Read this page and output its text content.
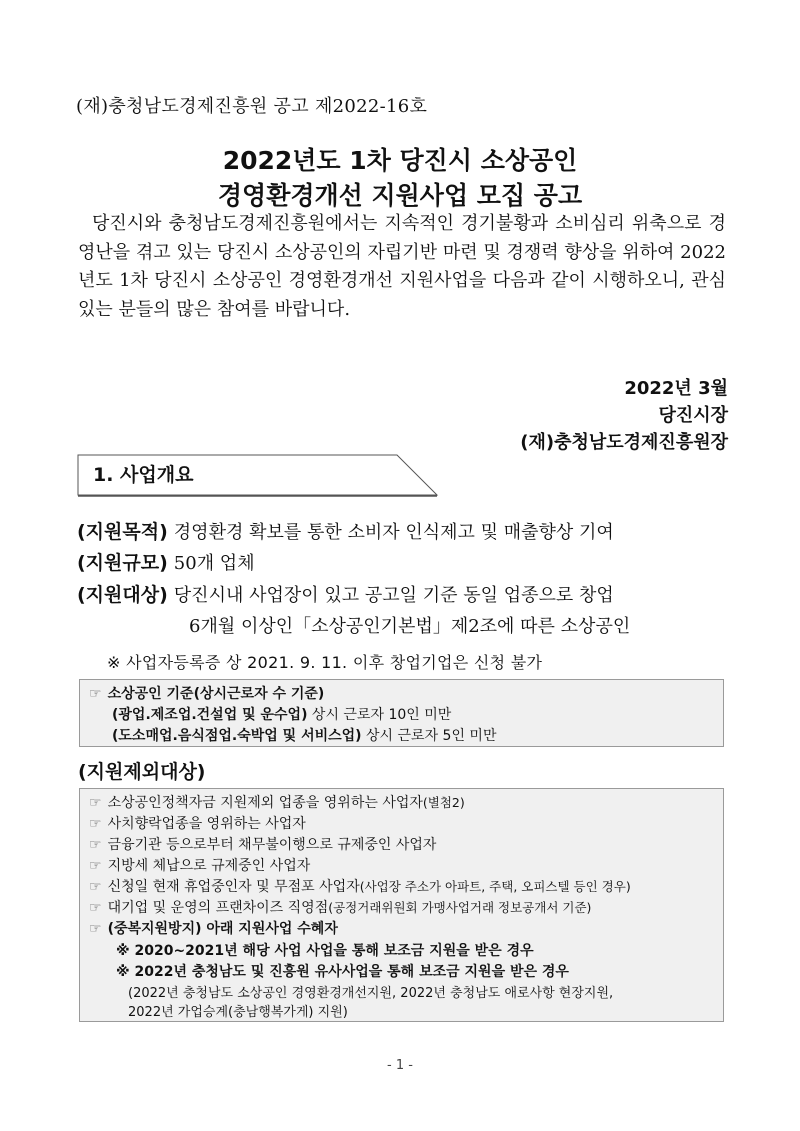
(재)충청남도경제진흥원 공고 제2022-16호
2022년도 1차 당진시 소상공인
경영환경개선 지원사업 모집 공고
당진시와 충청남도경제진흥원에서는 지속적인 경기불황과 소비심리 위축으로 경영난을 겪고 있는 당진시 소상공인의 자립기반 마련 및 경쟁력 향상을 위하여 2022년도 1차 당진시 소상공인 경영환경개선 지원사업을 다음과 같이 시행하오니, 관심 있는 분들의 많은 참여를 바랍니다.
2022년 3월
당진시장
(재)충청남도경제진흥원장
1. 사업개요
(지원목적) 경영환경 확보를 통한 소비자 인식제고 및 매출향상 기여
(지원규모) 50개 업체
(지원대상) 당진시내 사업장이 있고 공고일 기준 동일 업종으로 창업
6개월 이상인「소상공인기본법」제2조에 따른 소상공인
※ 사업자등록증 상 2021. 9. 11. 이후 창업기업은 신청 불가
☞ 소상공인 기준(상시근로자 수 기준)
(광업.제조업.건설업 및 운수업) 상시 근로자 10인 미만
(도소매업.음식점업.숙박업 및 서비스업) 상시 근로자 5인 미만
(지원제외대상)
☞ 소상공인정책자금 지원제외 업종을 영위하는 사업자(별첨2)
☞ 사치향락업종을 영위하는 사업자
☞ 금융기관 등으로부터 채무불이행으로 규제중인 사업자
☞ 지방세 체납으로 규제중인 사업자
☞ 신청일 현재 휴업중인자 및 무점포 사업자(사업장 주소가 아파트, 주택, 오피스텔 등인 경우)
☞ 대기업 및 운영의 프랜차이즈 직영점(공정거래위원회 가맹사업거래 정보공개서 기준)
☞ (중복지원방지) 아래 지원사업 수혜자
※ 2020~2021년 해당 사업 사업을 통해 보조금 지원을 받은 경우
※ 2022년 충청남도 및 진흥원 유사사업을 통해 보조금 지원을 받은 경우
(2022년 충청남도 소상공인 경영환경개선지원, 2022년 충청남도 애로사항 현장지원,
2022년 가업승계(충남행복가게) 지원)
- 1 -
